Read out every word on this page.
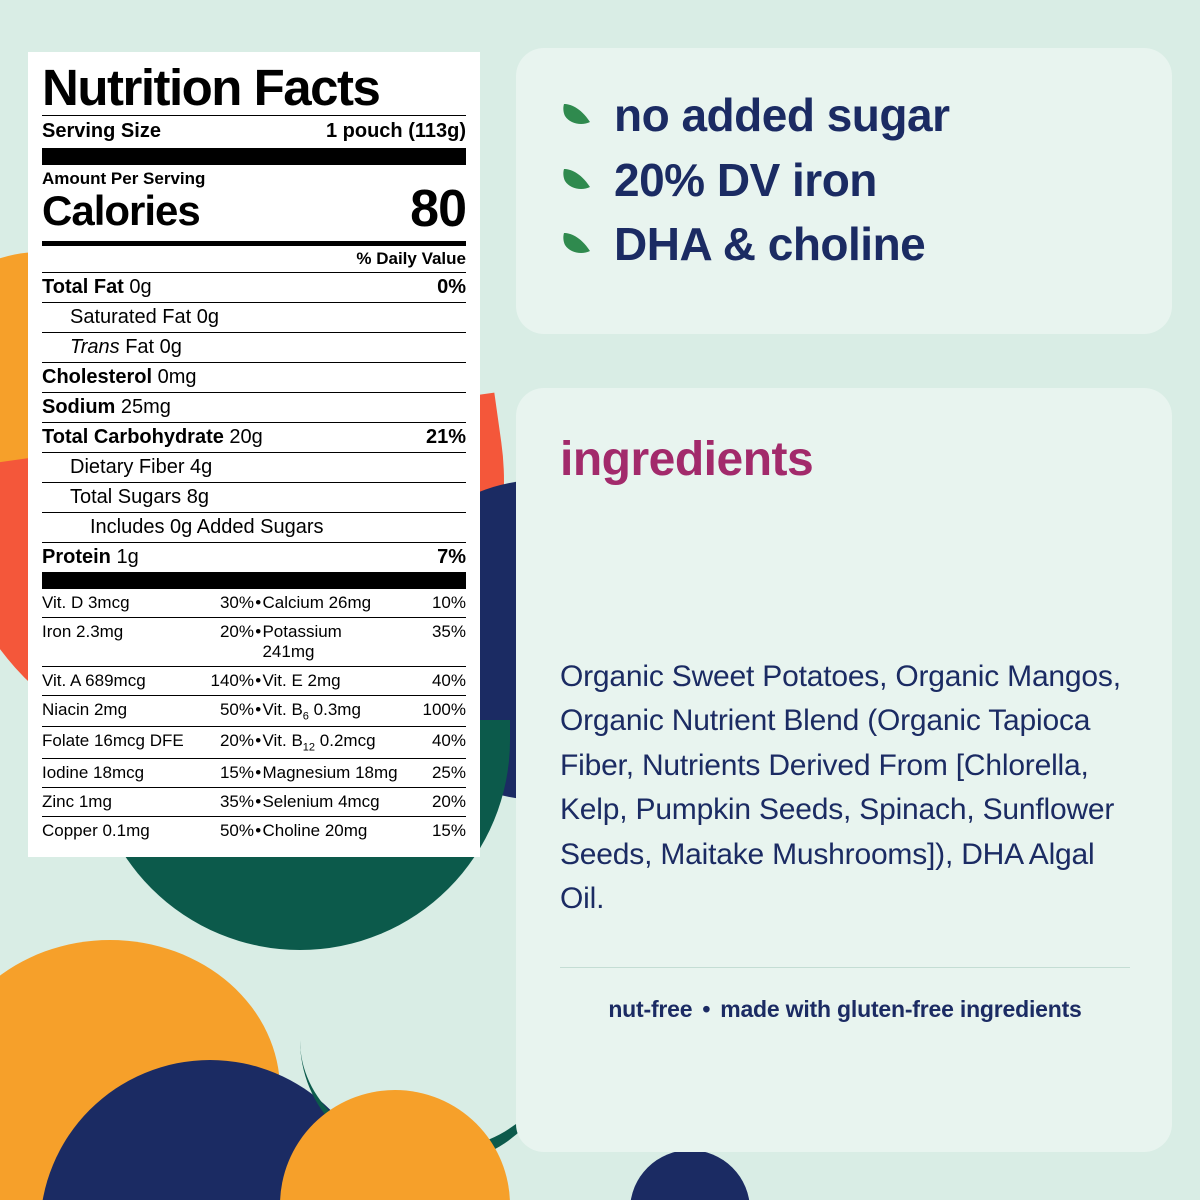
Nutrition Facts
Serving Size	1 pouch (113g)
Amount Per Serving
Calories	80
% Daily Value
Total Fat 0g	0%
Saturated Fat 0g
Trans Fat 0g
Cholesterol 0mg
Sodium 25mg
Total Carbohydrate 20g	21%
Dietary Fiber 4g
Total Sugars 8g
Includes 0g Added Sugars
Protein 1g	7%
Vit. D 3mcg	30%	•	Calcium 26mg	10%
Iron 2.3mg	20%	•	Potassium 241mg	35%
Vit. A 689mcg	140%	•	Vit. E 2mg	40%
Niacin 2mg	50%	•	Vit. $B_6$ 0.3mg	100%
Folate 16mcg DFE	20%	•	Vit. $B_{12}$ 0.2mcg	40%
Iodine 18mcg	15%	•	Magnesium 18mg	25%
Zinc 1mg	35%	•	Selenium 4mcg	20%
Copper 0.1mg	50%	•	Choline 20mg	15%
no added sugar
20% DV iron
DHA & choline
ingredients
Organic Sweet Potatoes, Organic Mangos, Organic Nutrient Blend (Organic Tapioca Fiber, Nutrients Derived From [Chlorella, Kelp, Pumpkin Seeds, Spinach, Sunflower Seeds, Maitake Mushrooms]), DHA Algal Oil.
nut-free • made with gluten-free ingredients
